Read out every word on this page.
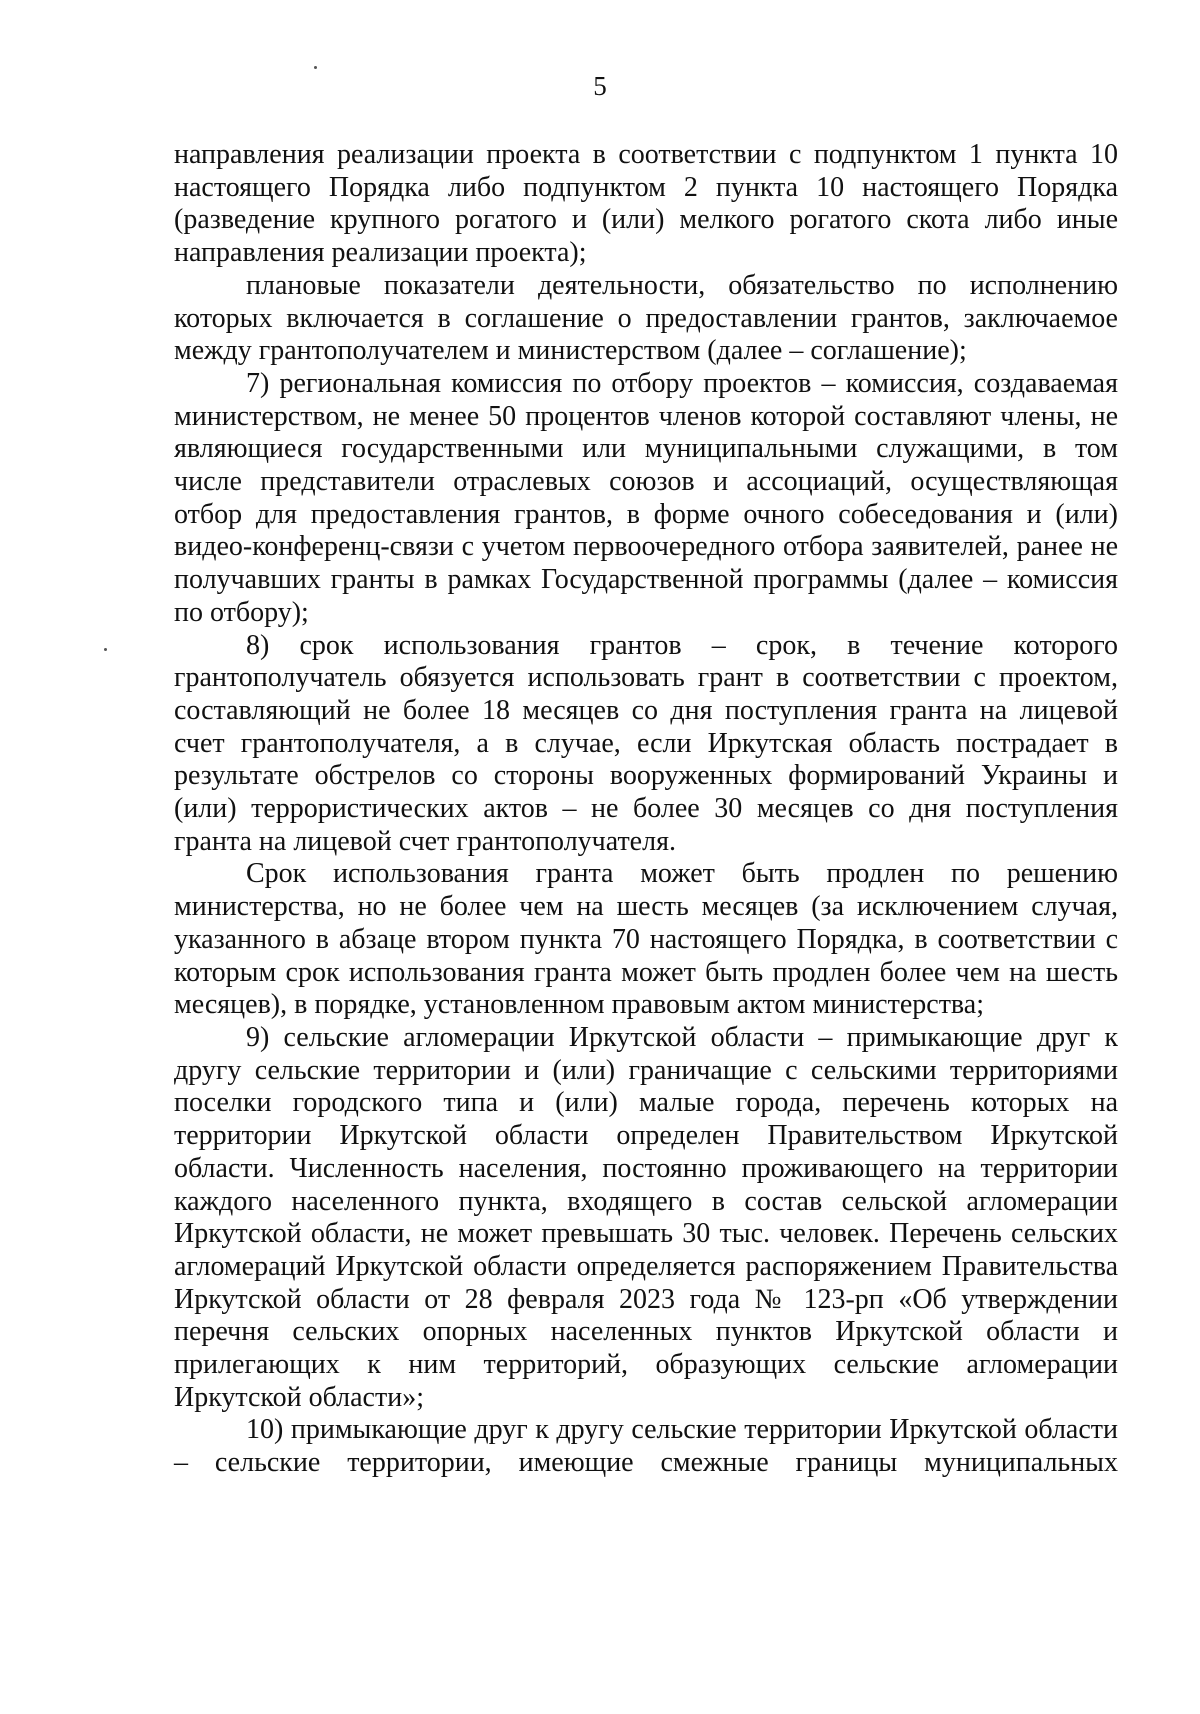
5

направления реализации проекта в соответствии с подпунктом 1 пункта 10 настоящего Порядка либо подпунктом 2 пункта 10 настоящего Порядка (разведение крупного рогатого и (или) мелкого рогатого скота либо иные направления реализации проекта);

плановые показатели деятельности, обязательство по исполнению которых включается в соглашение о предоставлении грантов, заключаемое между грантополучателем и министерством (далее – соглашение);

7) региональная комиссия по отбору проектов – комиссия, создаваемая министерством, не менее 50 процентов членов которой составляют члены, не являющиеся государственными или муниципальными служащими, в том числе представители отраслевых союзов и ассоциаций, осуществляющая отбор для предоставления грантов, в форме очного собеседования и (или) видео-конференц-связи с учетом первоочередного отбора заявителей, ранее не получавших гранты в рамках Государственной программы (далее – комиссия по отбору);

8) срок использования грантов – срок, в течение которого грантополучатель обязуется использовать грант в соответствии с проектом, составляющий не более 18 месяцев со дня поступления гранта на лицевой счет грантополучателя, а в случае, если Иркутская область пострадает в результате обстрелов со стороны вооруженных формирований Украины и (или) террористических актов – не более 30 месяцев со дня поступления гранта на лицевой счет грантополучателя.

Срок использования гранта может быть продлен по решению министерства, но не более чем на шесть месяцев (за исключением случая, указанного в абзаце втором пункта 70 настоящего Порядка, в соответствии с которым срок использования гранта может быть продлен более чем на шесть месяцев), в порядке, установленном правовым актом министерства;

9) сельские агломерации Иркутской области – примыкающие друг к другу сельские территории и (или) граничащие с сельскими территориями поселки городского типа и (или) малые города, перечень которых на территории Иркутской области определен Правительством Иркутской области. Численность населения, постоянно проживающего на территории каждого населенного пункта, входящего в состав сельской агломерации Иркутской области, не может превышать 30 тыс. человек. Перечень сельских агломераций Иркутской области определяется распоряжением Правительства Иркутской области от 28 февраля 2023 года № 123-рп «Об утверждении перечня сельских опорных населенных пунктов Иркутской области и прилегающих к ним территорий, образующих сельские агломерации Иркутской области»;

10) примыкающие друг к другу сельские территории Иркутской области – сельские территории, имеющие смежные границы муниципальных
